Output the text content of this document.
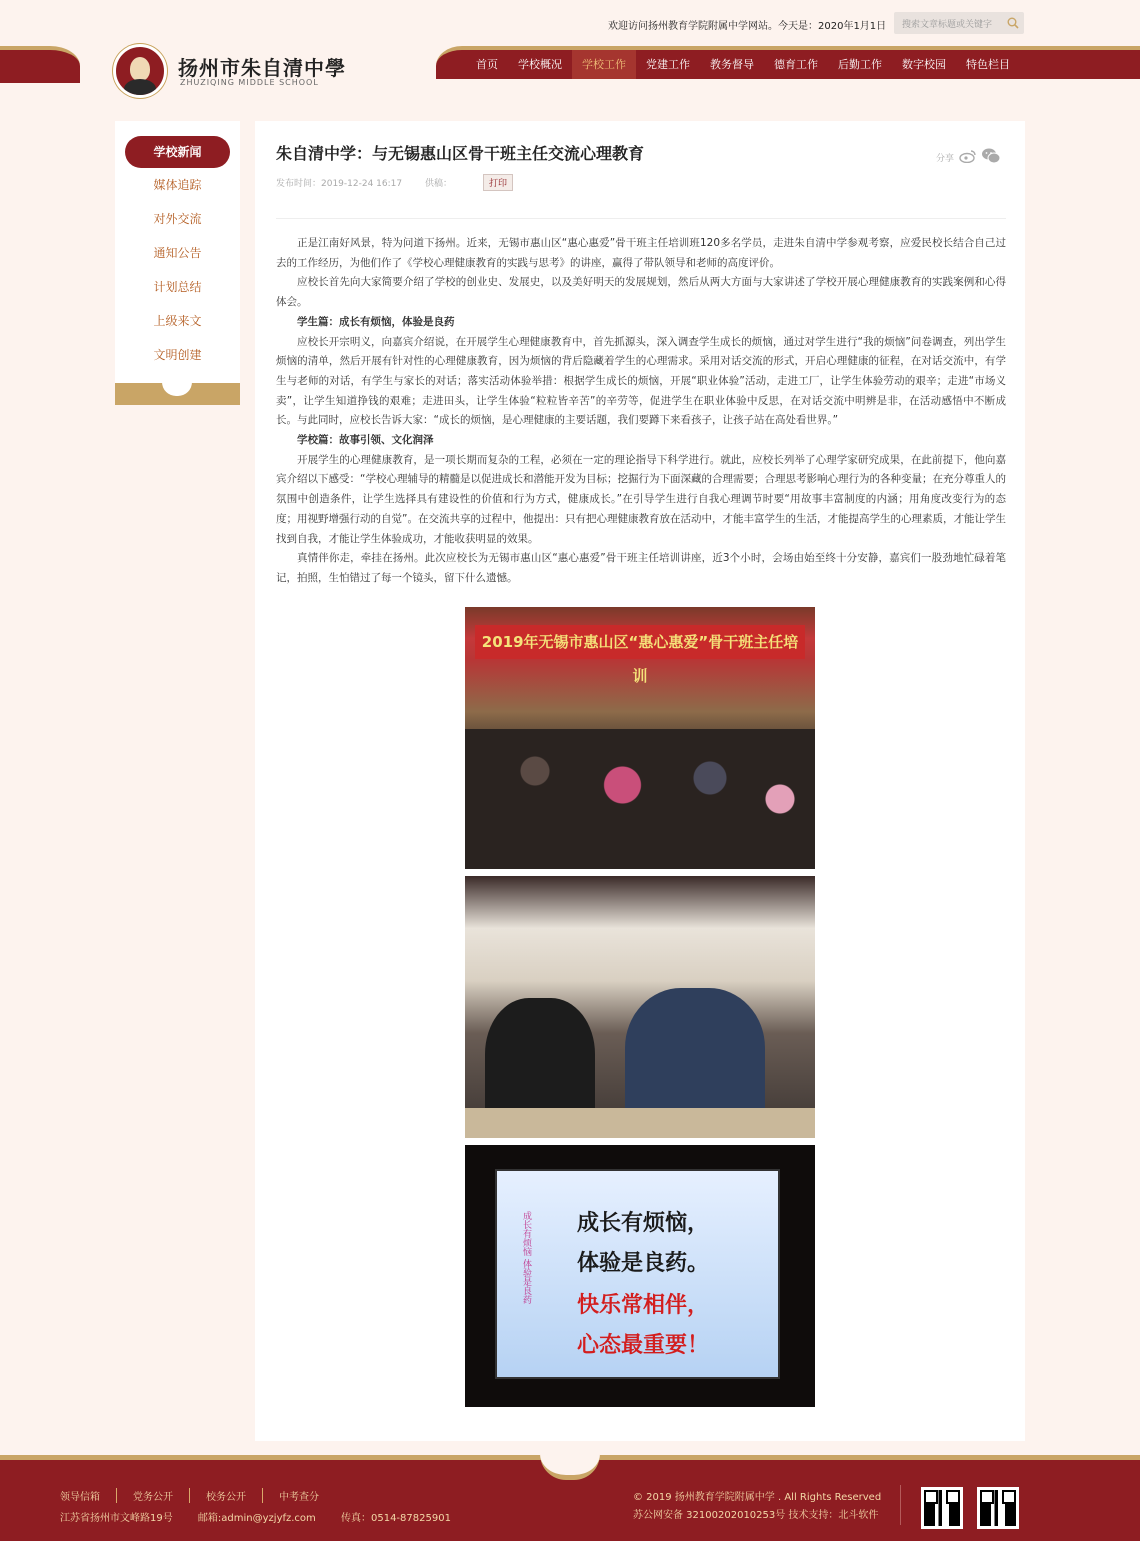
欢迎访问扬州教育学院附属中学网站。今天是：2020年1月1日
搜索文章标题或关键字
扬州市朱自清中學
ZHUZIQING MIDDLE SCHOOL
首页	学校概况	学校工作	党建工作	教务督导	德育工作	后勤工作	数字校园	特色栏目
学校新闻
媒体追踪
对外交流
通知公告
计划总结
上级来文
文明创建
朱自清中学：与无锡惠山区骨干班主任交流心理教育	分享
发布时间：2019-12-24 16:17	供稿：	打印

正是江南好风景，特为问道下扬州。近来，无锡市惠山区“惠心惠爱”骨干班主任培训班120多名学员，走进朱自清中学参观考察，应爱民校长结合自己过去的工作经历，为他们作了《学校心理健康教育的实践与思考》的讲座，赢得了带队领导和老师的高度评价。

应校长首先向大家简要介绍了学校的创业史、发展史，以及美好明天的发展规划，然后从两大方面与大家讲述了学校开展心理健康教育的实践案例和心得体会。

学生篇：成长有烦恼，体验是良药

应校长开宗明义，向嘉宾介绍说，在开展学生心理健康教育中，首先抓源头，深入调查学生成长的烦恼，通过对学生进行“我的烦恼”问卷调查，列出学生烦恼的清单，然后开展有针对性的心理健康教育，因为烦恼的背后隐藏着学生的心理需求。采用对话交流的形式，开启心理健康的征程，在对话交流中，有学生与老师的对话，有学生与家长的对话；落实活动体验举措：根据学生成长的烦恼，开展“职业体验”活动，走进工厂，让学生体验劳动的艰辛；走进“市场义卖”，让学生知道挣钱的艰难；走进田头，让学生体验“粒粒皆辛苦”的辛劳等，促进学生在职业体验中反思，在对话交流中明辨是非，在活动感悟中不断成长。与此同时，应校长告诉大家：“成长的烦恼，是心理健康的主要话题，我们要蹲下来看孩子，让孩子站在高处看世界。”

学校篇：故事引领、文化润泽

开展学生的心理健康教育，是一项长期而复杂的工程，必须在一定的理论指导下科学进行。就此，应校长列举了心理学家研究成果，在此前提下，他向嘉宾介绍以下感受：“学校心理辅导的精髓是以促进成长和潜能开发为目标；挖掘行为下面深藏的合理需要；合理思考影响心理行为的各种变量；在充分尊重人的氛围中创造条件，让学生选择具有建设性的价值和行为方式，健康成长。”在引导学生进行自我心理调节时要“用故事丰富制度的内涵；用角度改变行为的态度；用视野增强行动的自觉”。在交流共享的过程中，他提出：只有把心理健康教育放在活动中，才能丰富学生的生活，才能提高学生的心理素质，才能让学生找到自我，才能让学生体验成功，才能收获明显的效果。

真情伴你走，牵挂在扬州。此次应校长为无锡市惠山区“惠心惠爱”骨干班主任培训讲座，近3个小时，会场由始至终十分安静，嘉宾们一股劲地忙碌着笔记，拍照，生怕错过了每一个镜头，留下什么遗憾。

2019年无锡市惠山区“惠心惠爱”骨干班主任培训
成长有烦恼 体验是良药 成长有烦恼，
体验是良药。
快乐常相伴，
心态最重要！
领导信箱	党务公开	校务公开	中考查分
江苏省扬州市文峰路19号	邮箱:admin@yzjyfz.com	传真：0514-87825901
© 2019 扬州教育学院附属中学 . All Rights Reserved
苏公网安备 32100202010253号 技术支持：北斗软件
